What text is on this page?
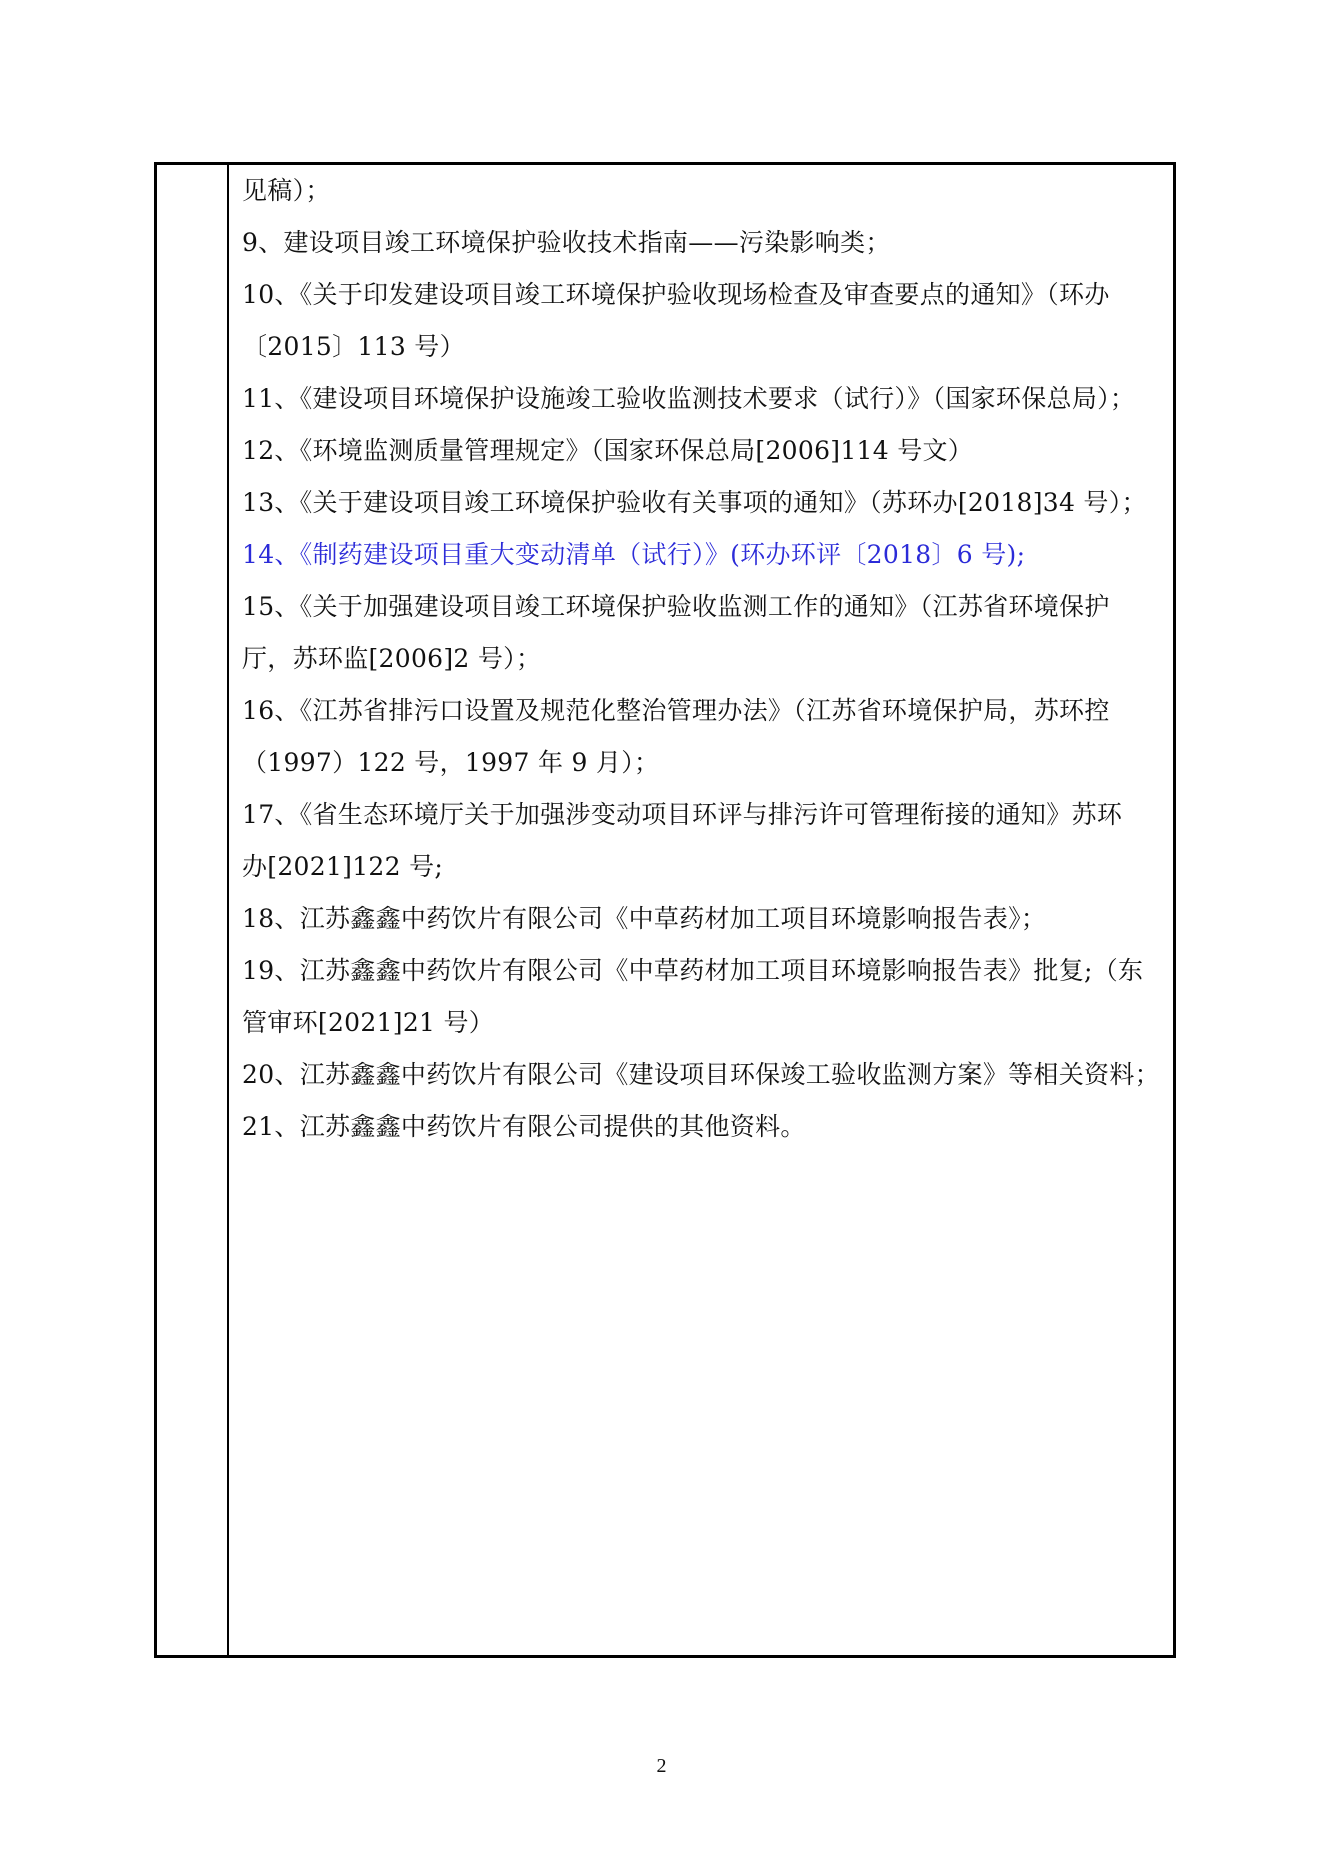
见稿）；
9、建设项目竣工环境保护验收技术指南——污染影响类；
10、《关于印发建设项目竣工环境保护验收现场检查及审查要点的通知》（环办
〔2015〕113 号）
11、《建设项目环境保护设施竣工验收监测技术要求（试行）》（国家环保总局）；
12、《环境监测质量管理规定》（国家环保总局[2006]114 号文）
13、《关于建设项目竣工环境保护验收有关事项的通知》（苏环办[2018]34 号）；
14、《制药建设项目重大变动清单（试行）》(环办环评〔2018〕6 号);
15、《关于加强建设项目竣工环境保护验收监测工作的通知》（江苏省环境保护
厅，苏环监[2006]2 号）；
16、《江苏省排污口设置及规范化整治管理办法》（江苏省环境保护局，苏环控
（1997）122 号，1997 年 9 月）；
17、《省生态环境厅关于加强涉变动项目环评与排污许可管理衔接的通知》苏环
办[2021]122 号;
18、江苏鑫鑫中药饮片有限公司《中草药材加工项目环境影响报告表》；
19、江苏鑫鑫中药饮片有限公司《中草药材加工项目环境影响报告表》批复;（东
管审环[2021]21 号）
20、江苏鑫鑫中药饮片有限公司《建设项目环保竣工验收监测方案》等相关资料；
21、江苏鑫鑫中药饮片有限公司提供的其他资料。
2
